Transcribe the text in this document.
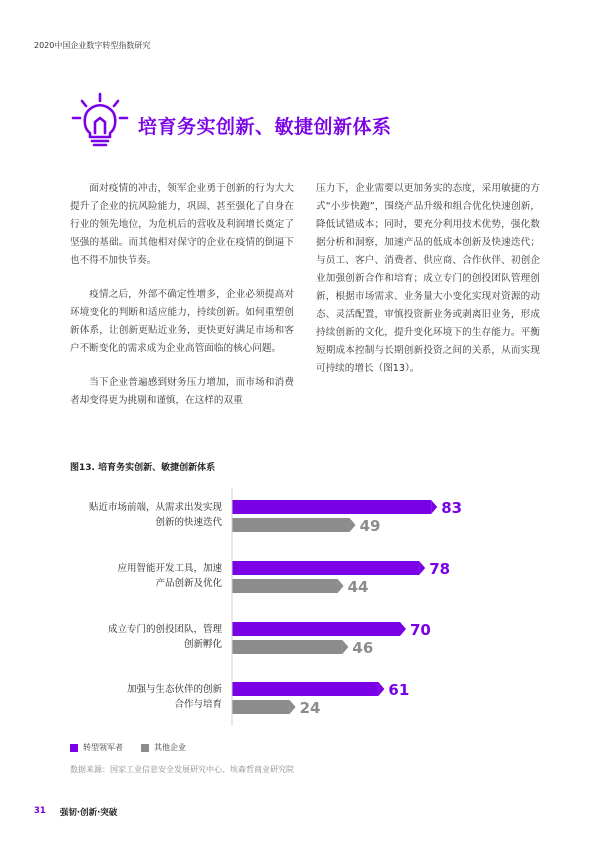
2020中国企业数字转型指数研究
培育务实创新、敏捷创新体系

面对疫情的冲击，领军企业勇于创新的行为大大提升了企业的抗风险能力，巩固、甚至强化了自身在行业的领先地位，为危机后的营收及利润增长奠定了坚强的基础。而其他相对保守的企业在疫情的倒逼下也不得不加快节奏。

疫情之后，外部不确定性增多，企业必须提高对环境变化的判断和适应能力，持续创新。如何重塑创新体系，让创新更贴近业务，更快更好满足市场和客户不断变化的需求成为企业高管面临的核心问题。

当下企业普遍感到财务压力增加，而市场和消费者却变得更为挑剔和谨慎，在这样的双重

压力下，企业需要以更加务实的态度，采用敏捷的方式“小步快跑”，围绕产品升级和组合优化快速创新，降低试错成本；同时，要充分利用技术优势，强化数据分析和洞察，加速产品的低成本创新及快速迭代；与员工、客户、消费者、供应商、合作伙伴、初创企业加强创新合作和培育；成立专门的创投团队管理创新，根据市场需求、业务量大小变化实现对资源的动态、灵活配置，审慎投资新业务或剥离旧业务，形成持续创新的文化，提升变化环境下的生存能力。平衡短期成本控制与长期创新投资之间的关系，从而实现可持续的增长（图13）。

图13. 培育务实创新、敏捷创新体系
贴近市场前端，从需求出发实现创新的快速迭代
83
49
应用智能开发工具，加速产品创新及优化
78
44
成立专门的创投团队，管理创新孵化
70
46
加强与生态伙伴的创新合作与培育
61
24
转型领军者	其他企业
数据来源：国家工业信息安全发展研究中心、埃森哲商业研究院
31 强韧·创新·突破
